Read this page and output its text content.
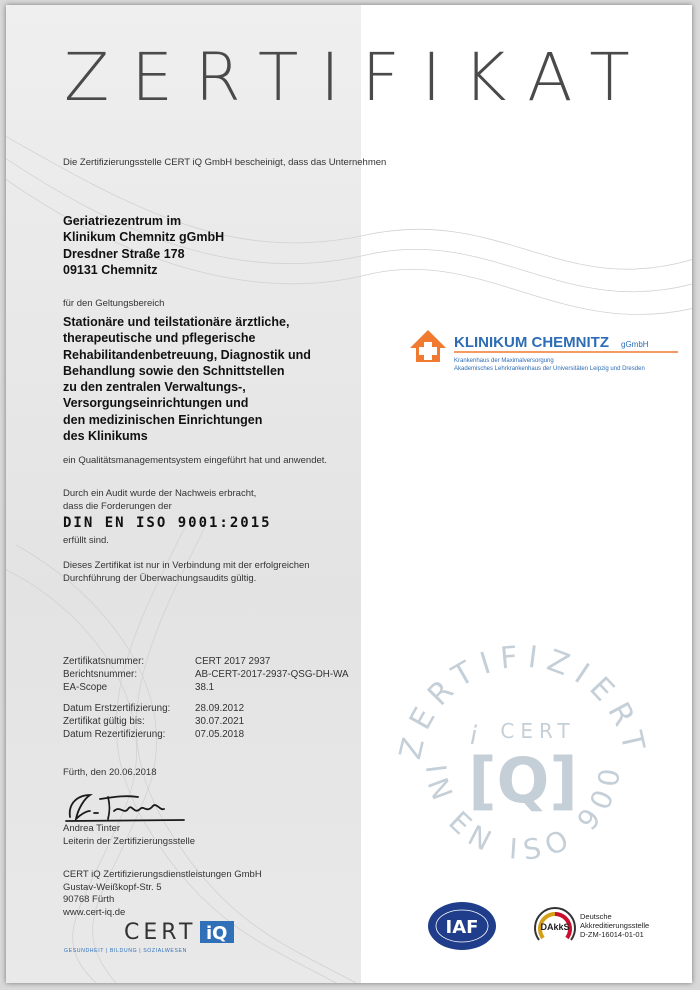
ZERTIFIKAT
Die Zertifizierungsstelle CERT iQ GmbH bescheinigt, dass das Unternehmen
Geriatriezentrum im
Klinikum Chemnitz gGmbH
Dresdner Straße 178
09131 Chemnitz
für den Geltungsbereich
Stationäre und teilstationäre ärztliche,
therapeutische und pflegerische
Rehabilitandenbetreuung, Diagnostik und
Behandlung sowie den Schnittstellen
zu den zentralen Verwaltungs-,
Versorgungseinrichtungen und
den medizinischen Einrichtungen
des Klinikums
ein Qualitätsmanagementsystem eingeführt hat und anwendet.
Durch ein Audit wurde der Nachweis erbracht,
dass die Forderungen der
DIN EN ISO 9001:2015
erfüllt sind.
Dieses Zertifikat ist nur in Verbindung mit der erfolgreichen
Durchführung der Überwachungsaudits gültig.
Zertifikatsnummer:	CERT 2017 2937
Berichtsnummer:	AB-CERT-2017-2937-QSG-DH-WA
EA-Scope	38.1
Datum Erstzertifizierung:	28.09.2012
Zertifikat gültig bis:	30.07.2021
Datum Rezertifizierung:	07.05.2018
Fürth, den 20.06.2018
Andrea Tinter
Leiterin der Zertifizierungsstelle
CERT iQ Zertifizierungsdienstleistungen GmbH
Gustav-Weißkopf-Str. 5
90768 Fürth
www.cert-iq.de
CERT iQ
GESUNDHEIT | BILDUNG | SOZIALWESEN
KLINIKUM CHEMNITZ gGmbH
Krankenhaus der Maximalversorgung
Akademisches Lehrkrankenhaus der Universitäten Leipzig und Dresden
ERTIFIZIER
IN EN ISO 900
CERT
[Q]
i
IAF	DAkkS
Deutsche
Akkreditierungsstelle
D-ZM-16014-01-01
